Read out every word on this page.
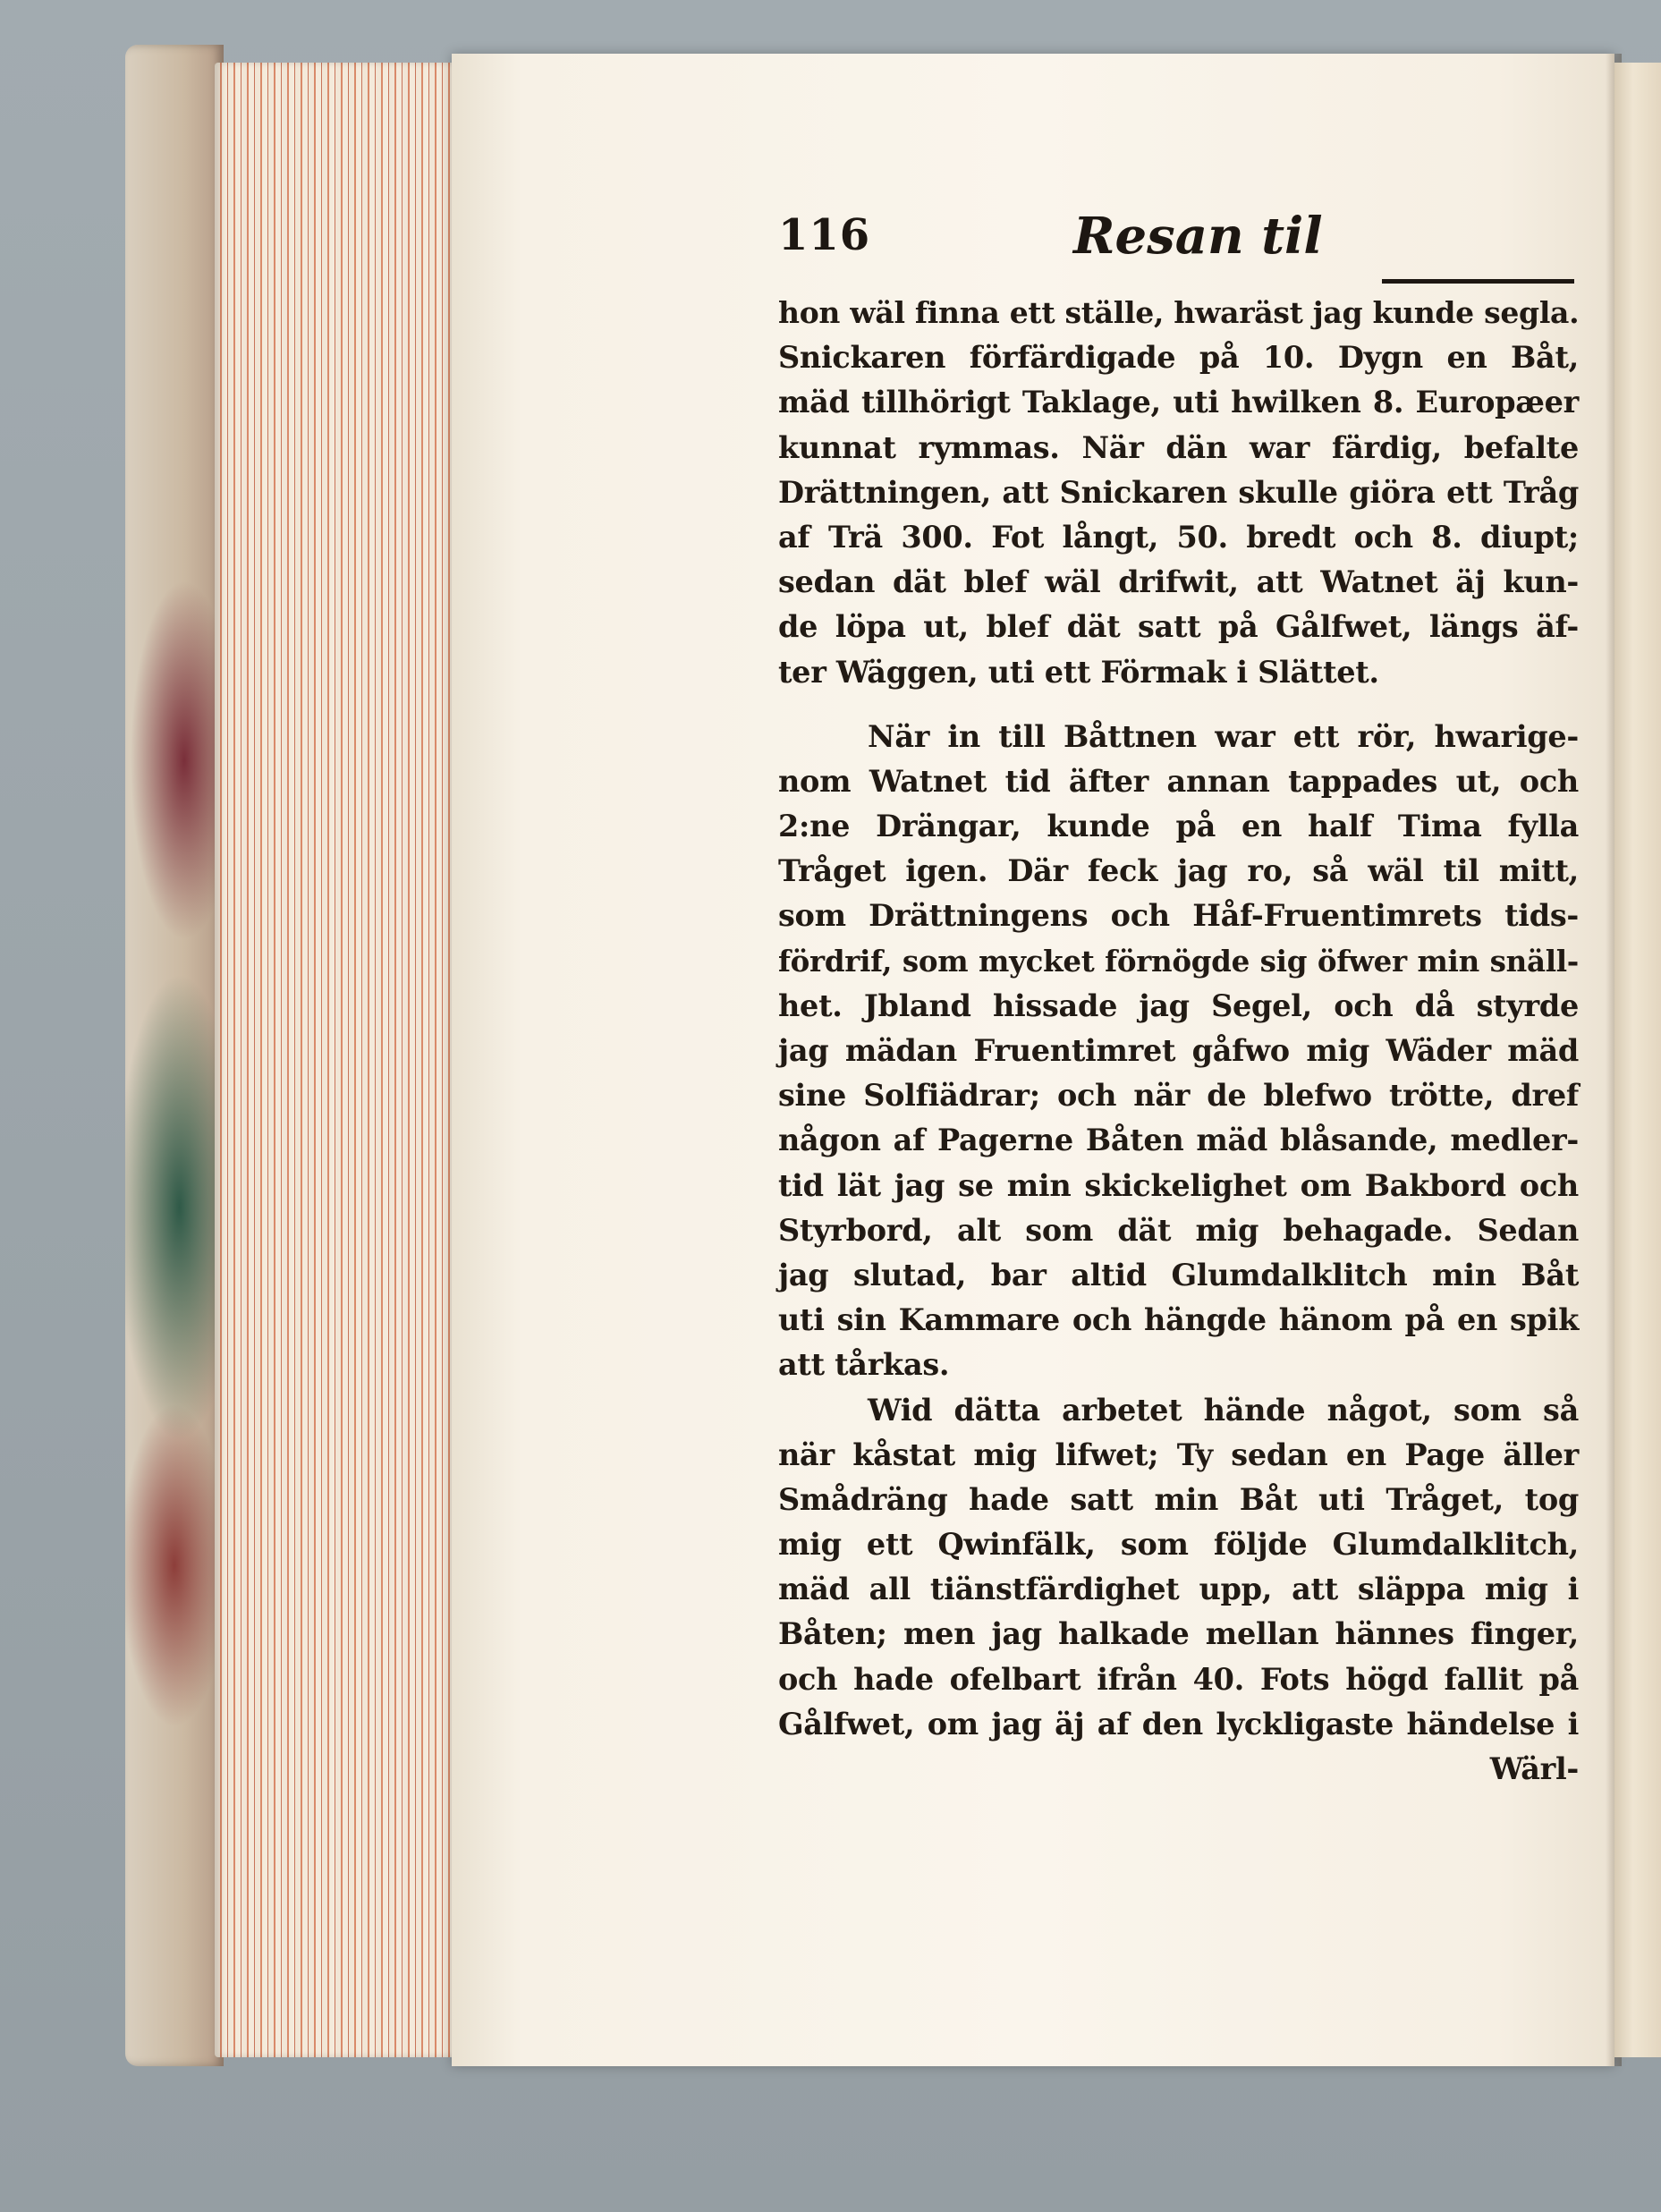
116	Resan til
hon wäl finna ett ställe, hwaräst jag kunde segla.
Snickaren förfärdigade på 10. Dygn en Båt,
mäd tillhörigt Taklage, uti hwilken 8. Europæer
kunnat rymmas. När dän war färdig, befalte
Drättningen, att Snickaren skulle giöra ett Tråg
af Trä 300. Fot långt, 50. bredt och 8. diupt;
sedan dät blef wäl drifwit, att Watnet äj kun-
de löpa ut, blef dät satt på Gålfwet, längs äf-
ter Wäggen, uti ett Förmak i Slättet.
När in till Båttnen war ett rör, hwarige-
nom Watnet tid äfter annan tappades ut, och
2:ne Drängar, kunde på en half Tima fylla
Tråget igen. Där feck jag ro, så wäl til mitt,
som Drättningens och Håf-Fruentimrets tids-
fördrif, som mycket förnögde sig öfwer min snäll-
het. Jbland hissade jag Segel, och då styrde
jag mädan Fruentimret gåfwo mig Wäder mäd
sine Solfiädrar; och när de blefwo trötte, dref
någon af Pagerne Båten mäd blåsande, medler-
tid lät jag se min skickelighet om Bakbord och
Styrbord, alt som dät mig behagade. Sedan
jag slutad, bar altid Glumdalklitch min Båt
uti sin Kammare och hängde hänom på en spik
att tårkas.
Wid dätta arbetet hände något, som så
när kåstat mig lifwet; Ty sedan en Page äller
Smådräng hade satt min Båt uti Tråget, tog
mig ett Qwinfälk, som följde Glumdalklitch,
mäd all tiänstfärdighet upp, att släppa mig i
Båten; men jag halkade mellan hännes finger,
och hade ofelbart ifrån 40. Fots högd fallit på
Gålfwet, om jag äj af den lyckligaste händelse i
Wärl-
